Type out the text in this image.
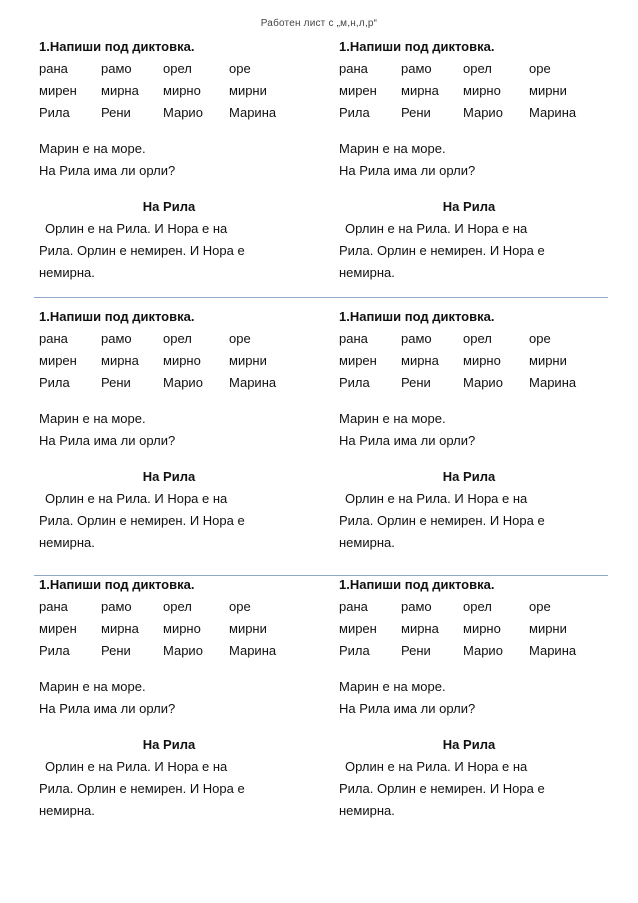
Работен лист с „м,н,л,р“
1.Напиши под диктовка.
рана	рамо орел	оре
мирен мирна мирно мирни
Рила Рени Марио Марина
Марин е на море.
На Рила има ли орли?
На Рила
Орлин е на Рила. И Нора е на
Рила. Орлин е немирен. И Нора е
немирна.
1.Напиши под диктовка.
рана	рамо орел	оре
мирен мирна мирно мирни
Рила Рени Марио Марина
Марин е на море.
На Рила има ли орли?
На Рила
Орлин е на Рила. И Нора е на
Рила. Орлин е немирен. И Нора е
немирна.
1.Напиши под диктовка.
рана	рамо орел	оре
мирен мирна мирно мирни
Рила Рени Марио Марина
Марин е на море.
На Рила има ли орли?
На Рила
Орлин е на Рила. И Нора е на
Рила. Орлин е немирен. И Нора е
немирна.
1.Напиши под диктовка.
рана	рамо орел	оре
мирен мирна мирно мирни
Рила Рени Марио Марина
Марин е на море.
На Рила има ли орли?
На Рила
Орлин е на Рила. И Нора е на
Рила. Орлин е немирен. И Нора е
немирна.
1.Напиши под диктовка.
рана	рамо орел	оре
мирен мирна мирно мирни
Рила Рени Марио Марина
Марин е на море.
На Рила има ли орли?
На Рила
Орлин е на Рила. И Нора е на
Рила. Орлин е немирен. И Нора е
немирна.
1.Напиши под диктовка.
рана	рамо орел	оре
мирен мирна мирно мирни
Рила Рени Марио Марина
Марин е на море.
На Рила има ли орли?
На Рила
Орлин е на Рила. И Нора е на
Рила. Орлин е немирен. И Нора е
немирна.
